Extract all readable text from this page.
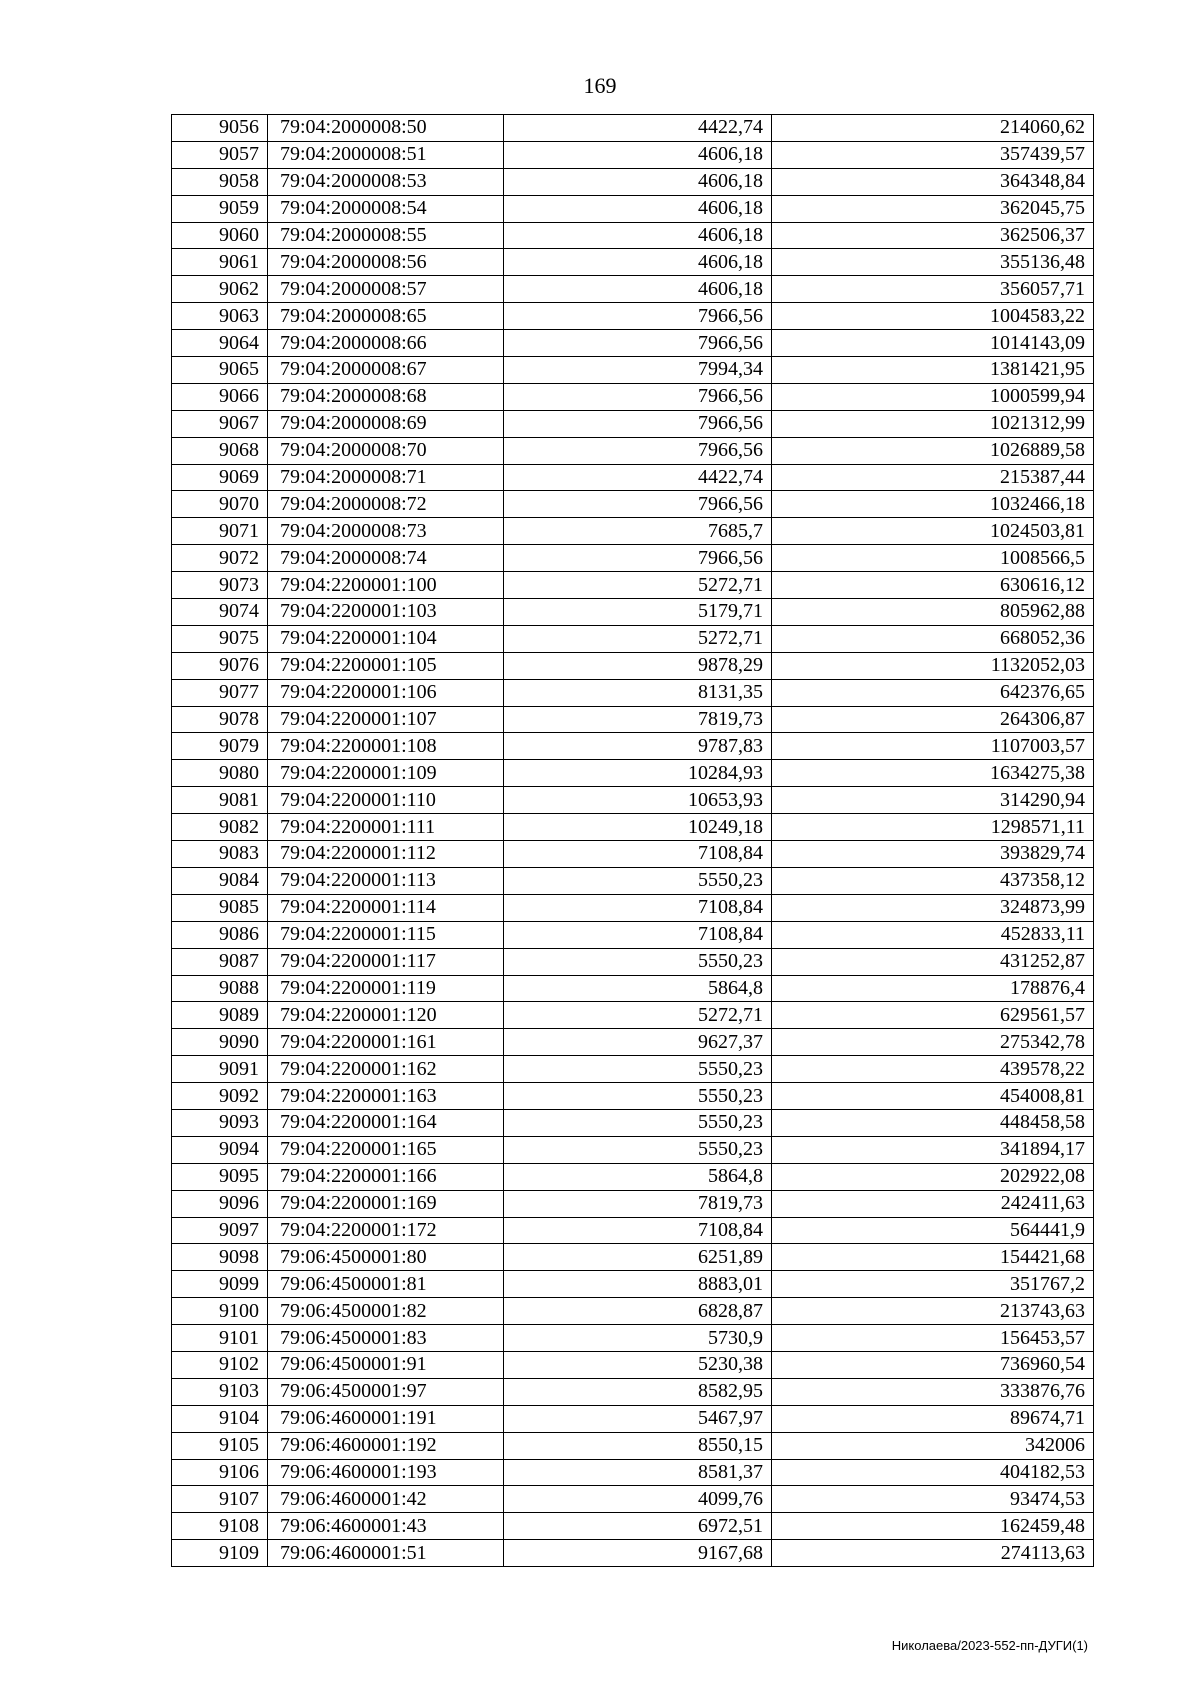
169
9056	79:04:2000008:50	4422,74	214060,62
9057	79:04:2000008:51	4606,18	357439,57
9058	79:04:2000008:53	4606,18	364348,84
9059	79:04:2000008:54	4606,18	362045,75
9060	79:04:2000008:55	4606,18	362506,37
9061	79:04:2000008:56	4606,18	355136,48
9062	79:04:2000008:57	4606,18	356057,71
9063	79:04:2000008:65	7966,56	1004583,22
9064	79:04:2000008:66	7966,56	1014143,09
9065	79:04:2000008:67	7994,34	1381421,95
9066	79:04:2000008:68	7966,56	1000599,94
9067	79:04:2000008:69	7966,56	1021312,99
9068	79:04:2000008:70	7966,56	1026889,58
9069	79:04:2000008:71	4422,74	215387,44
9070	79:04:2000008:72	7966,56	1032466,18
9071	79:04:2000008:73	7685,7	1024503,81
9072	79:04:2000008:74	7966,56	1008566,5
9073	79:04:2200001:100	5272,71	630616,12
9074	79:04:2200001:103	5179,71	805962,88
9075	79:04:2200001:104	5272,71	668052,36
9076	79:04:2200001:105	9878,29	1132052,03
9077	79:04:2200001:106	8131,35	642376,65
9078	79:04:2200001:107	7819,73	264306,87
9079	79:04:2200001:108	9787,83	1107003,57
9080	79:04:2200001:109	10284,93	1634275,38
9081	79:04:2200001:110	10653,93	314290,94
9082	79:04:2200001:111	10249,18	1298571,11
9083	79:04:2200001:112	7108,84	393829,74
9084	79:04:2200001:113	5550,23	437358,12
9085	79:04:2200001:114	7108,84	324873,99
9086	79:04:2200001:115	7108,84	452833,11
9087	79:04:2200001:117	5550,23	431252,87
9088	79:04:2200001:119	5864,8	178876,4
9089	79:04:2200001:120	5272,71	629561,57
9090	79:04:2200001:161	9627,37	275342,78
9091	79:04:2200001:162	5550,23	439578,22
9092	79:04:2200001:163	5550,23	454008,81
9093	79:04:2200001:164	5550,23	448458,58
9094	79:04:2200001:165	5550,23	341894,17
9095	79:04:2200001:166	5864,8	202922,08
9096	79:04:2200001:169	7819,73	242411,63
9097	79:04:2200001:172	7108,84	564441,9
9098	79:06:4500001:80	6251,89	154421,68
9099	79:06:4500001:81	8883,01	351767,2
9100	79:06:4500001:82	6828,87	213743,63
9101	79:06:4500001:83	5730,9	156453,57
9102	79:06:4500001:91	5230,38	736960,54
9103	79:06:4500001:97	8582,95	333876,76
9104	79:06:4600001:191	5467,97	89674,71
9105	79:06:4600001:192	8550,15	342006
9106	79:06:4600001:193	8581,37	404182,53
9107	79:06:4600001:42	4099,76	93474,53
9108	79:06:4600001:43	6972,51	162459,48
9109	79:06:4600001:51	9167,68	274113,63
Николаева/2023-552-пп-ДУГИ(1)
